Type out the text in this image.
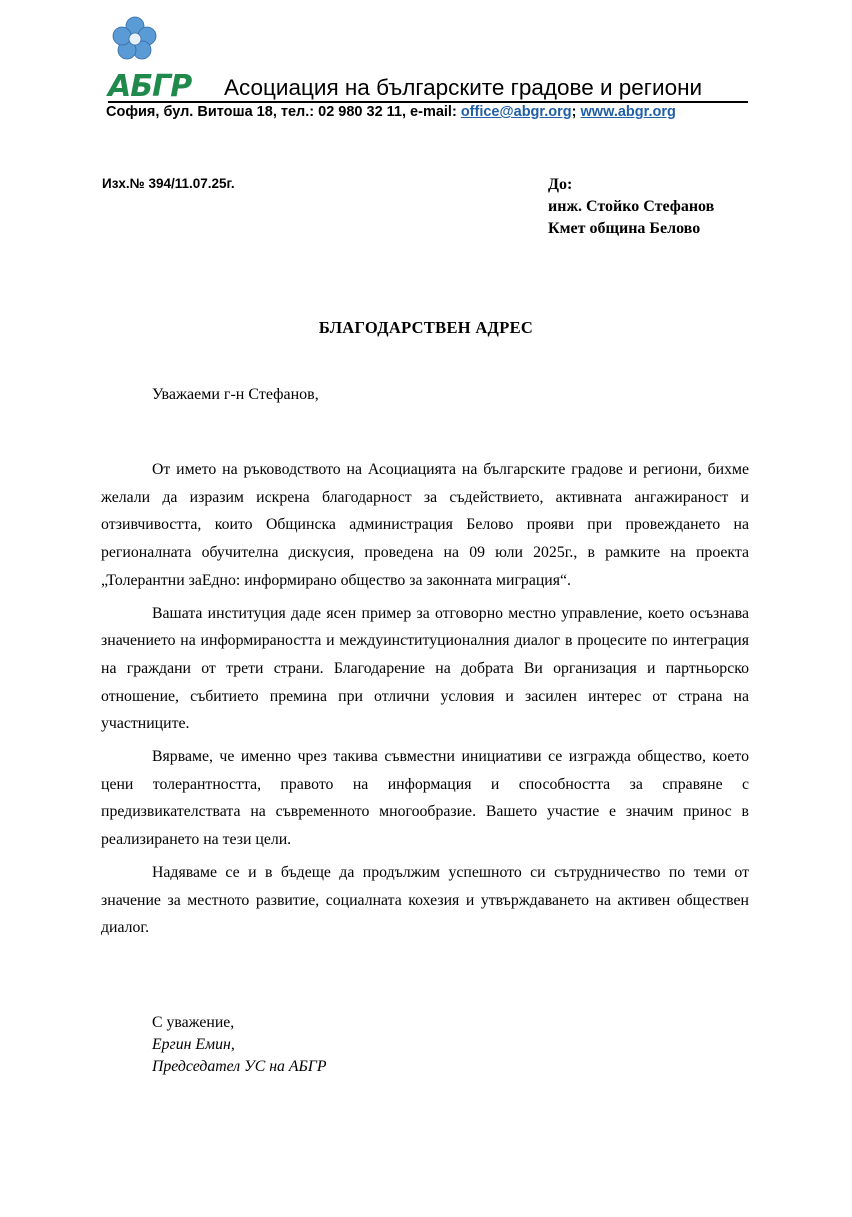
АБГР Асоциация на българските градове и региони
София, бул. Витоша 18, тел.: 02 980 32 11, e-mail: office@abgr.org; www.abgr.org
Изх.№ 394/11.07.25г.	До:
инж. Стойко Стефанов
Кмет община Белово
БЛАГОДАРСТВЕН АДРЕС
Уважаеми г-н Стефанов,

От името на ръководството на Асоциацията на българските градове и региони, бихме желали да изразим искрена благодарност за съдействието, активната ангажираност и отзивчивостта, които Общинска администрация Белово прояви при провеждането на регионалната обучителна дискусия, проведена на 09 юли 2025г., в рамките на проекта „Толерантни заЕдно: информирано общество за законната миграция“.

Вашата институция даде ясен пример за отговорно местно управление, което осъзнава значението на информираността и междуинституционалния диалог в процесите по интеграция на граждани от трети страни. Благодарение на добрата Ви организация и партньорско отношение, събитието премина при отлични условия и засилен интерес от страна на участниците.

Вярваме, че именно чрез такива съвместни инициативи се изгражда общество, което цени толерантността, правото на информация и способността за справяне с предизвикателствата на съвременното многообразие. Вашето участие е значим принос в реализирането на тези цели.

Надяваме се и в бъдеще да продължим успешното си сътрудничество по теми от значение за местното развитие, социалната кохезия и утвърждаването на активен обществен диалог.

С уважение,
Ергин Емин,
Председател УС на АБГР
